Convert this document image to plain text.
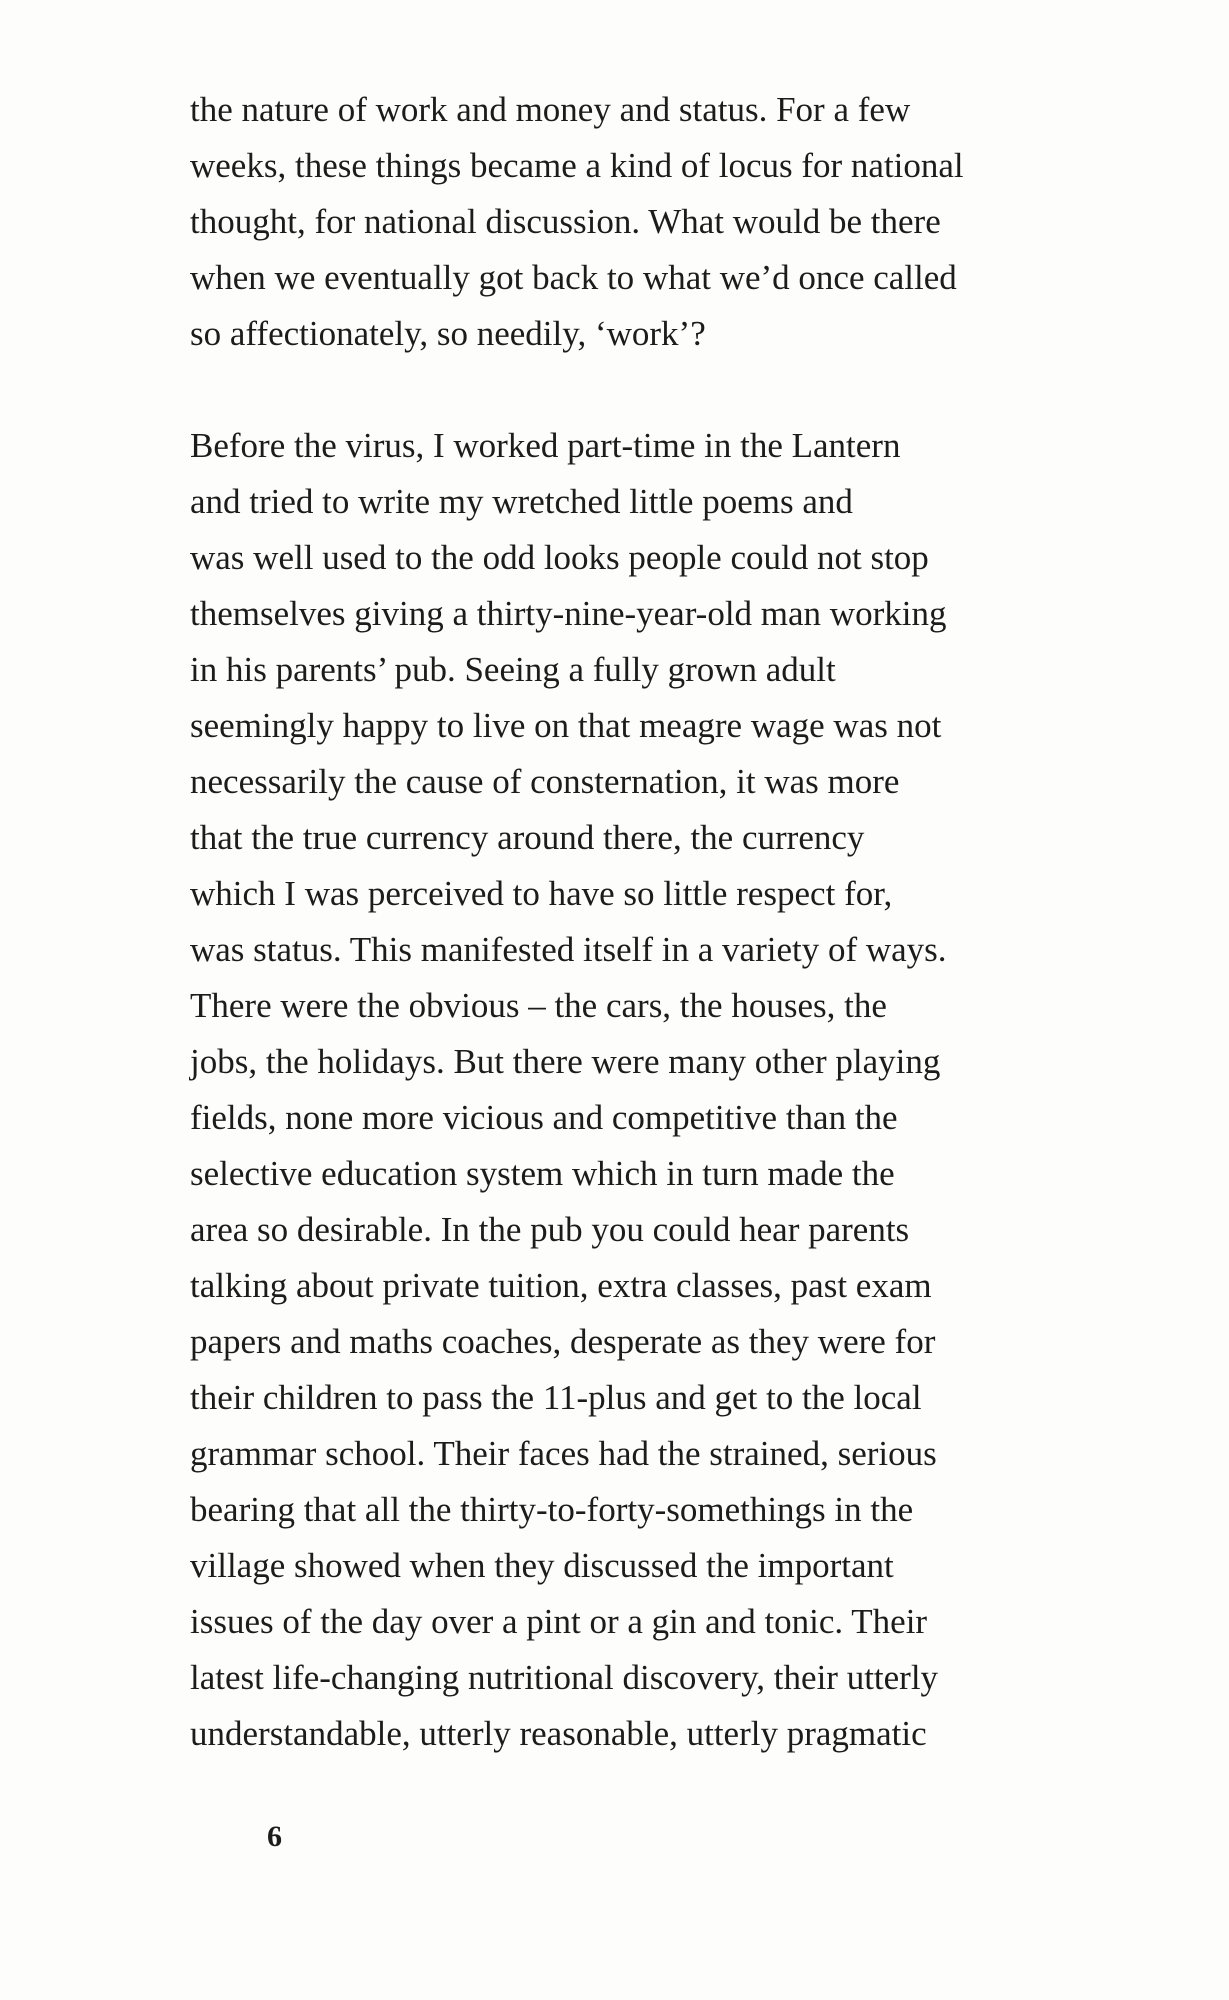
the nature of work and money and status. For a few
weeks, these things became a kind of locus for national
thought, for national discussion. What would be there
when we eventually got back to what we’d once called
so affectionately, so needily, ‘work’?
Before the virus, I worked part-time in the Lantern
and tried to write my wretched little poems and
was well used to the odd looks people could not stop
themselves giving a thirty-nine-year-old man working
in his parents’ pub. Seeing a fully grown adult
seemingly happy to live on that meagre wage was not
necessarily the cause of consternation, it was more
that the true currency around there, the currency
which I was perceived to have so little respect for,
was status. This manifested itself in a variety of ways.
There were the obvious – the cars, the houses, the
jobs, the holidays. But there were many other playing
fields, none more vicious and competitive than the
selective education system which in turn made the
area so desirable. In the pub you could hear parents
talking about private tuition, extra classes, past exam
papers and maths coaches, desperate as they were for
their children to pass the 11-plus and get to the local
grammar school. Their faces had the strained, serious
bearing that all the thirty-to-forty-somethings in the
village showed when they discussed the important
issues of the day over a pint or a gin and tonic. Their
latest life-changing nutritional discovery, their utterly
understandable, utterly reasonable, utterly pragmatic
6
